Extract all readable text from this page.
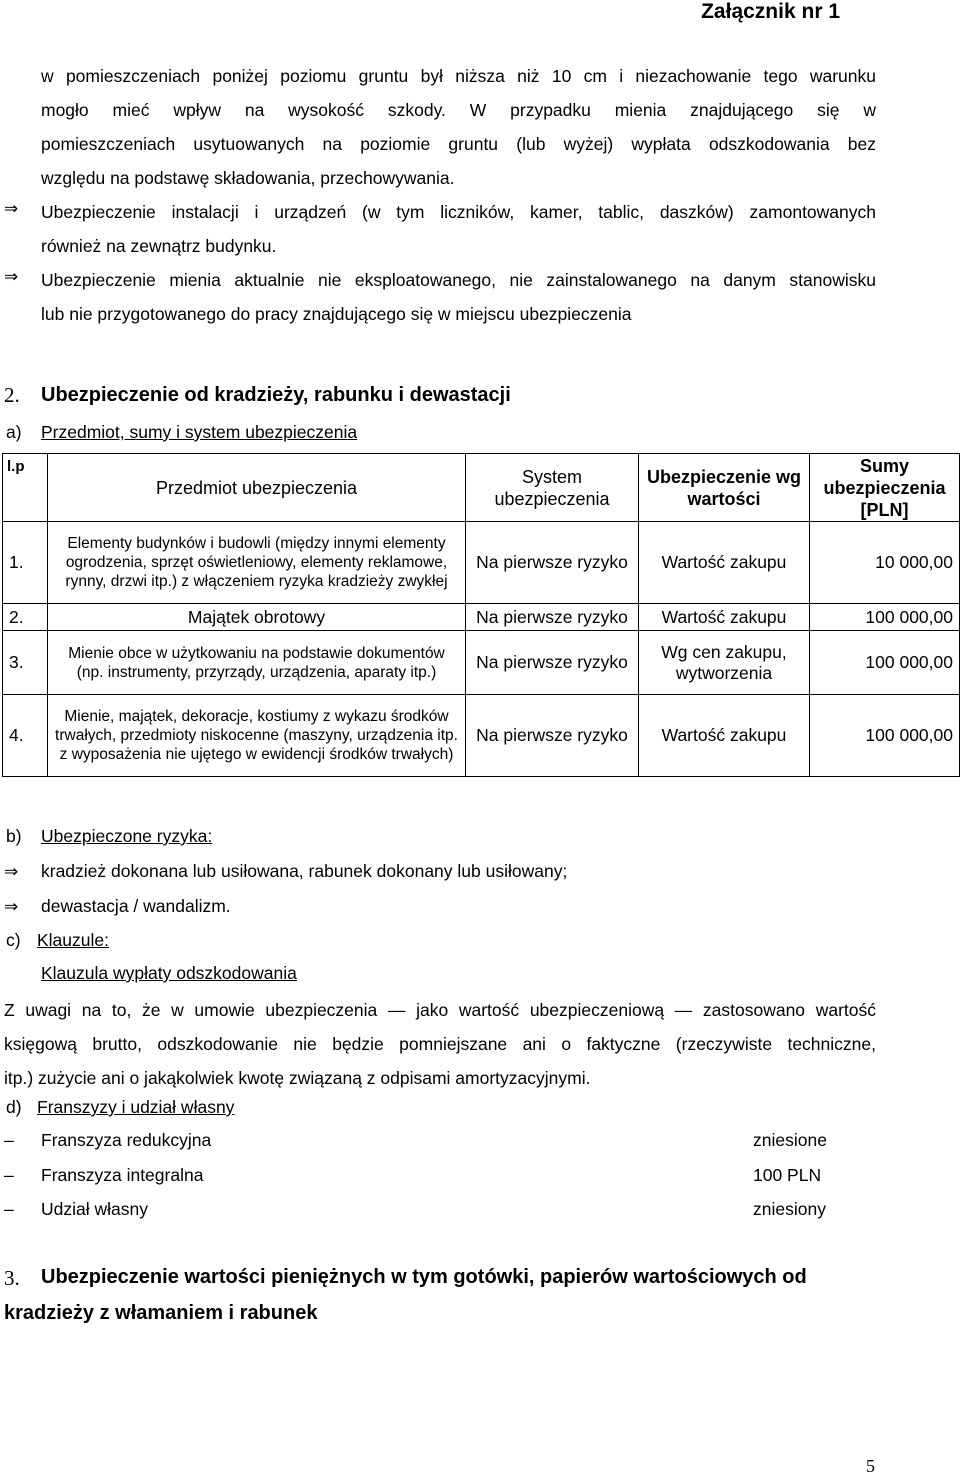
Załącznik nr 1
w pomieszczeniach poniżej poziomu gruntu był niższa niż 10 cm i niezachowanie tego warunku
mogło mieć wpływ na wysokość szkody. W przypadku mienia znajdującego się w
pomieszczeniach usytuowanych na poziomie gruntu (lub wyżej) wypłata odszkodowania bez
względu na podstawę składowania, przechowywania.
⇒ Ubezpieczenie instalacji i urządzeń (w tym liczników, kamer, tablic, daszków) zamontowanych
również na zewnątrz budynku.
⇒ Ubezpieczenie mienia aktualnie nie eksploatowanego, nie zainstalowanego na danym stanowisku
lub nie przygotowanego do pracy znajdującego się w miejscu ubezpieczenia
2. Ubezpieczenie od kradzieży, rabunku i dewastacji
a) Przedmiot, sumy i system ubezpieczenia
l.p	Przedmiot ubezpieczenia	System ubezpieczenia	Ubezpieczenie wg wartości	Sumy ubezpieczenia [PLN]
1.	Elementy budynków i budowli (między innymi elementy ogrodzenia, sprzęt oświetleniowy, elementy reklamowe, rynny, drzwi itp.) z włączeniem ryzyka kradzieży zwykłej	Na pierwsze ryzyko	Wartość zakupu	10 000,00
2.	Majątek obrotowy	Na pierwsze ryzyko	Wartość zakupu	100 000,00
3.	Mienie obce w użytkowaniu na podstawie dokumentów (np. instrumenty, przyrządy, urządzenia, aparaty itp.)	Na pierwsze ryzyko	Wg cen zakupu, wytworzenia	100 000,00
4.	Mienie, majątek, dekoracje, kostiumy z wykazu środków trwałych, przedmioty niskocenne (maszyny, urządzenia itp. z wyposażenia nie ujętego w ewidencji środków trwałych)	Na pierwsze ryzyko	Wartość zakupu	100 000,00
b) Ubezpieczone ryzyka:
⇒ kradzież dokonana lub usiłowana, rabunek dokonany lub usiłowany;
⇒ dewastacja / wandalizm.
c) Klauzule:
Klauzula wypłaty odszkodowania
Z uwagi na to, że w umowie ubezpieczenia — jako wartość ubezpieczeniową — zastosowano wartość
księgową brutto, odszkodowanie nie będzie pomniejszane ani o faktyczne (rzeczywiste techniczne,
itp.) zużycie ani o jakąkolwiek kwotę związaną z odpisami amortyzacyjnymi.
d) Franszyzy i udział własny
– Franszyza redukcyjna	zniesione
– Franszyza integralna	100 PLN
– Udział własny	zniesiony
3. Ubezpieczenie wartości pieniężnych w tym gotówki, papierów wartościowych od
kradzieży z włamaniem i rabunek
5
